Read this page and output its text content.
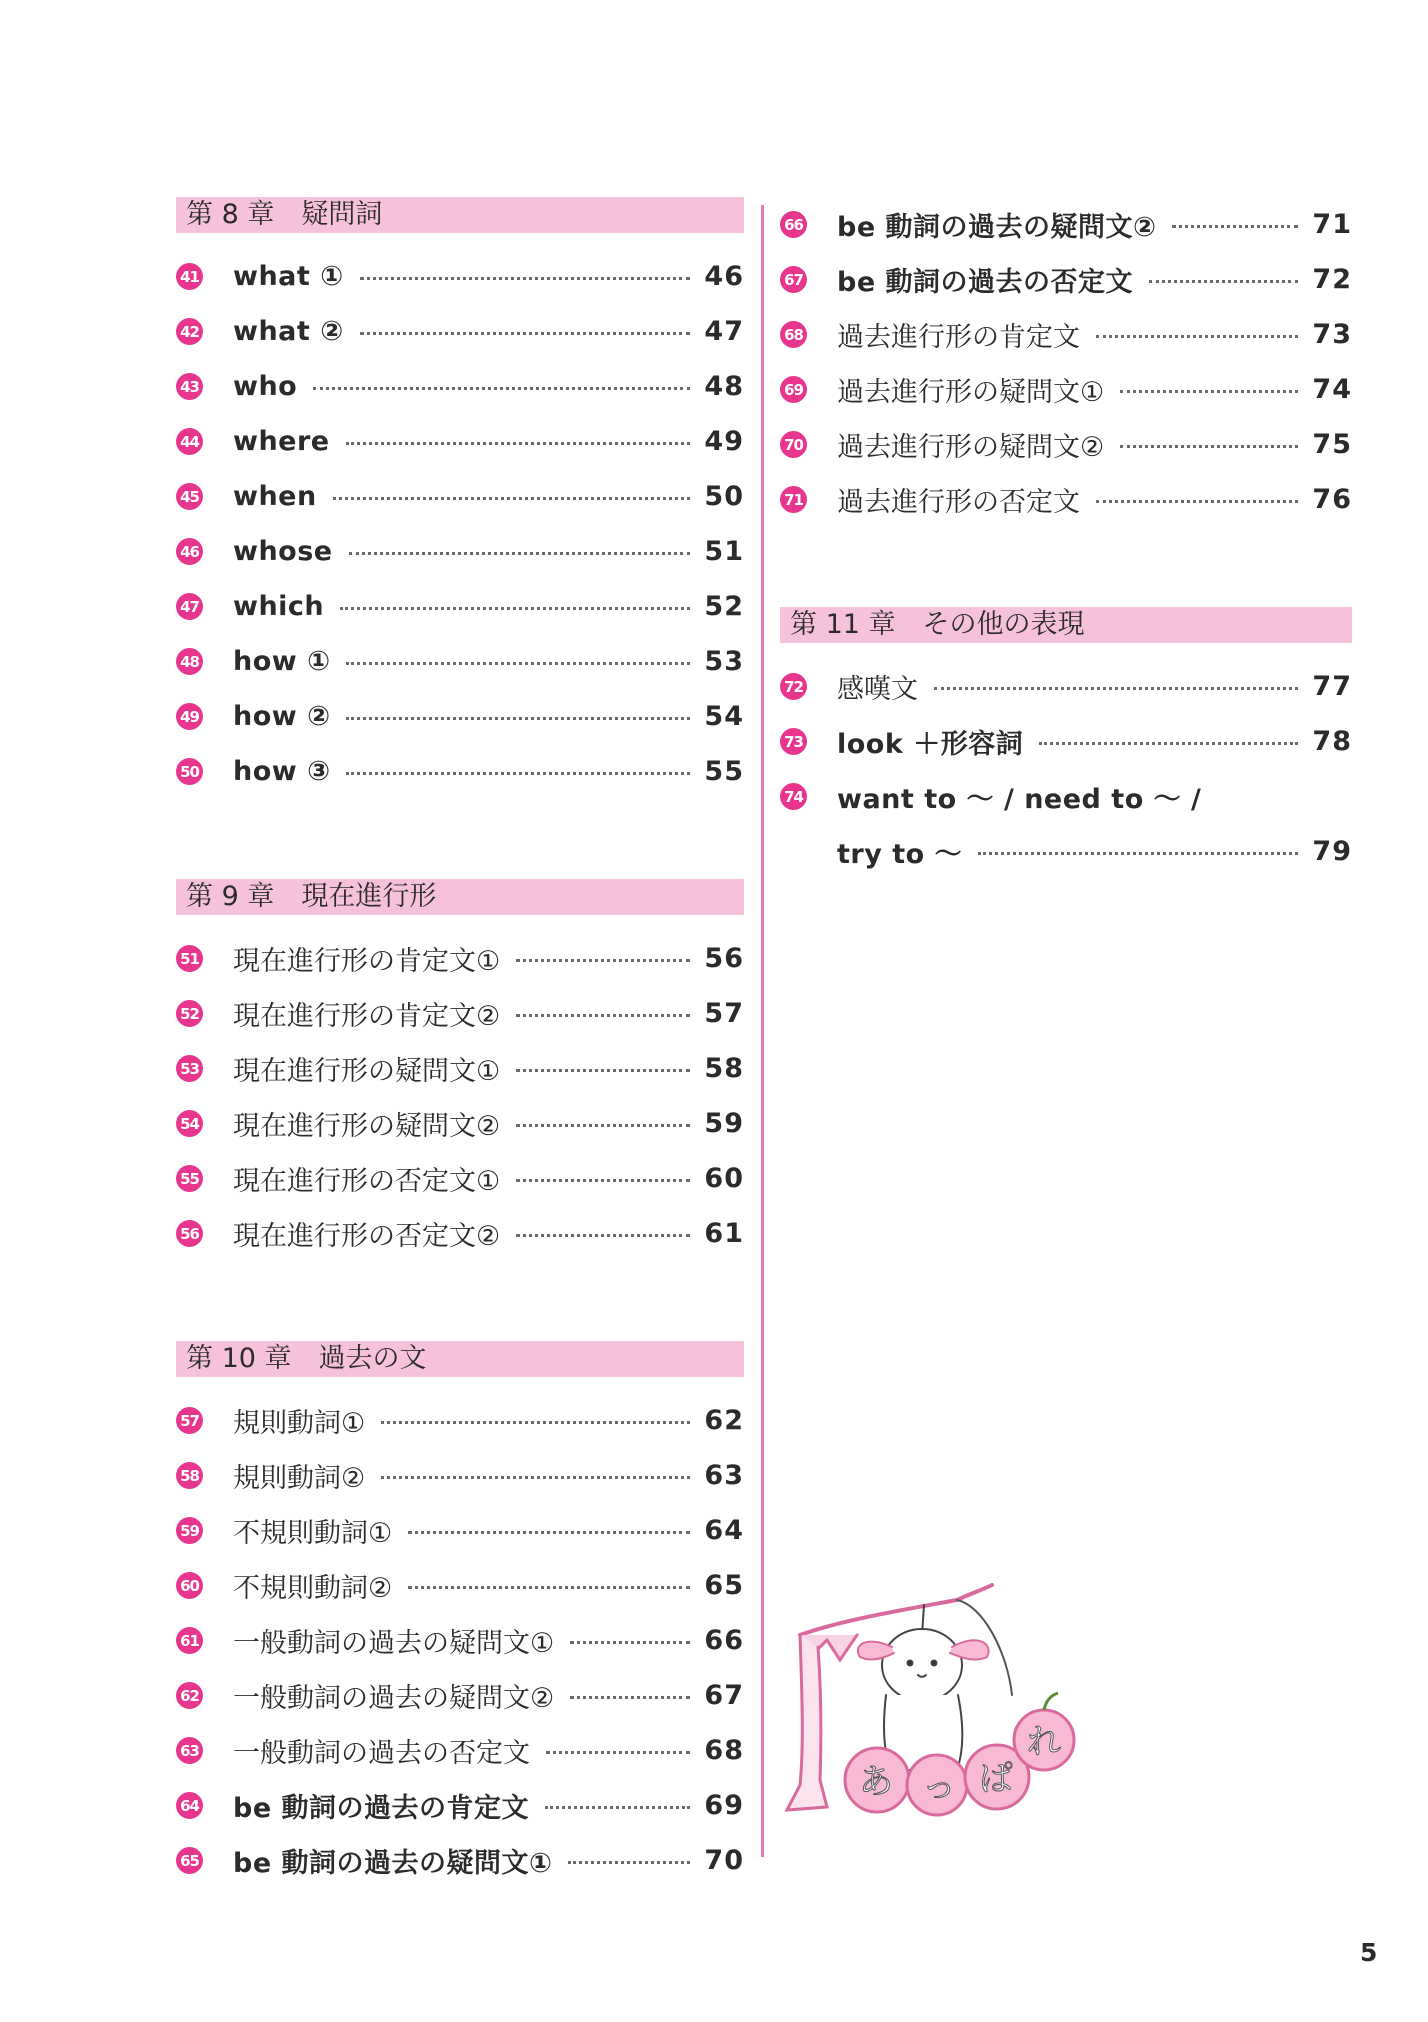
第 8 章　疑問詞
41 what ①	46
42 what ②	47
43 who	48
44 where	49
45 when	50
46 whose	51
47 which	52
48 how ①	53
49 how ②	54
50 how ③	55
第 9 章　現在進行形
51 現在進行形の肯定文①	56
52 現在進行形の肯定文②	57
53 現在進行形の疑問文①	58
54 現在進行形の疑問文②	59
55 現在進行形の否定文①	60
56 現在進行形の否定文②	61
第 10 章　過去の文
57 規則動詞①	62
58 規則動詞②	63
59 不規則動詞①	64
60 不規則動詞②	65
61 一般動詞の過去の疑問文①	66
62 一般動詞の過去の疑問文②	67
63 一般動詞の過去の否定文	68
64 be 動詞の過去の肯定文	69
65 be 動詞の過去の疑問文①	70
66 be 動詞の過去の疑問文②	71
67 be 動詞の過去の否定文	72
68 過去進行形の肯定文	73
69 過去進行形の疑問文①	74
70 過去進行形の疑問文②	75
71 過去進行形の否定文	76
第 11 章　その他の表現
72 感嘆文	77
73 look ＋形容詞	78
74 want to ～ / need to ～ /
try to ～	79
あ っ ぱ
れ
5
